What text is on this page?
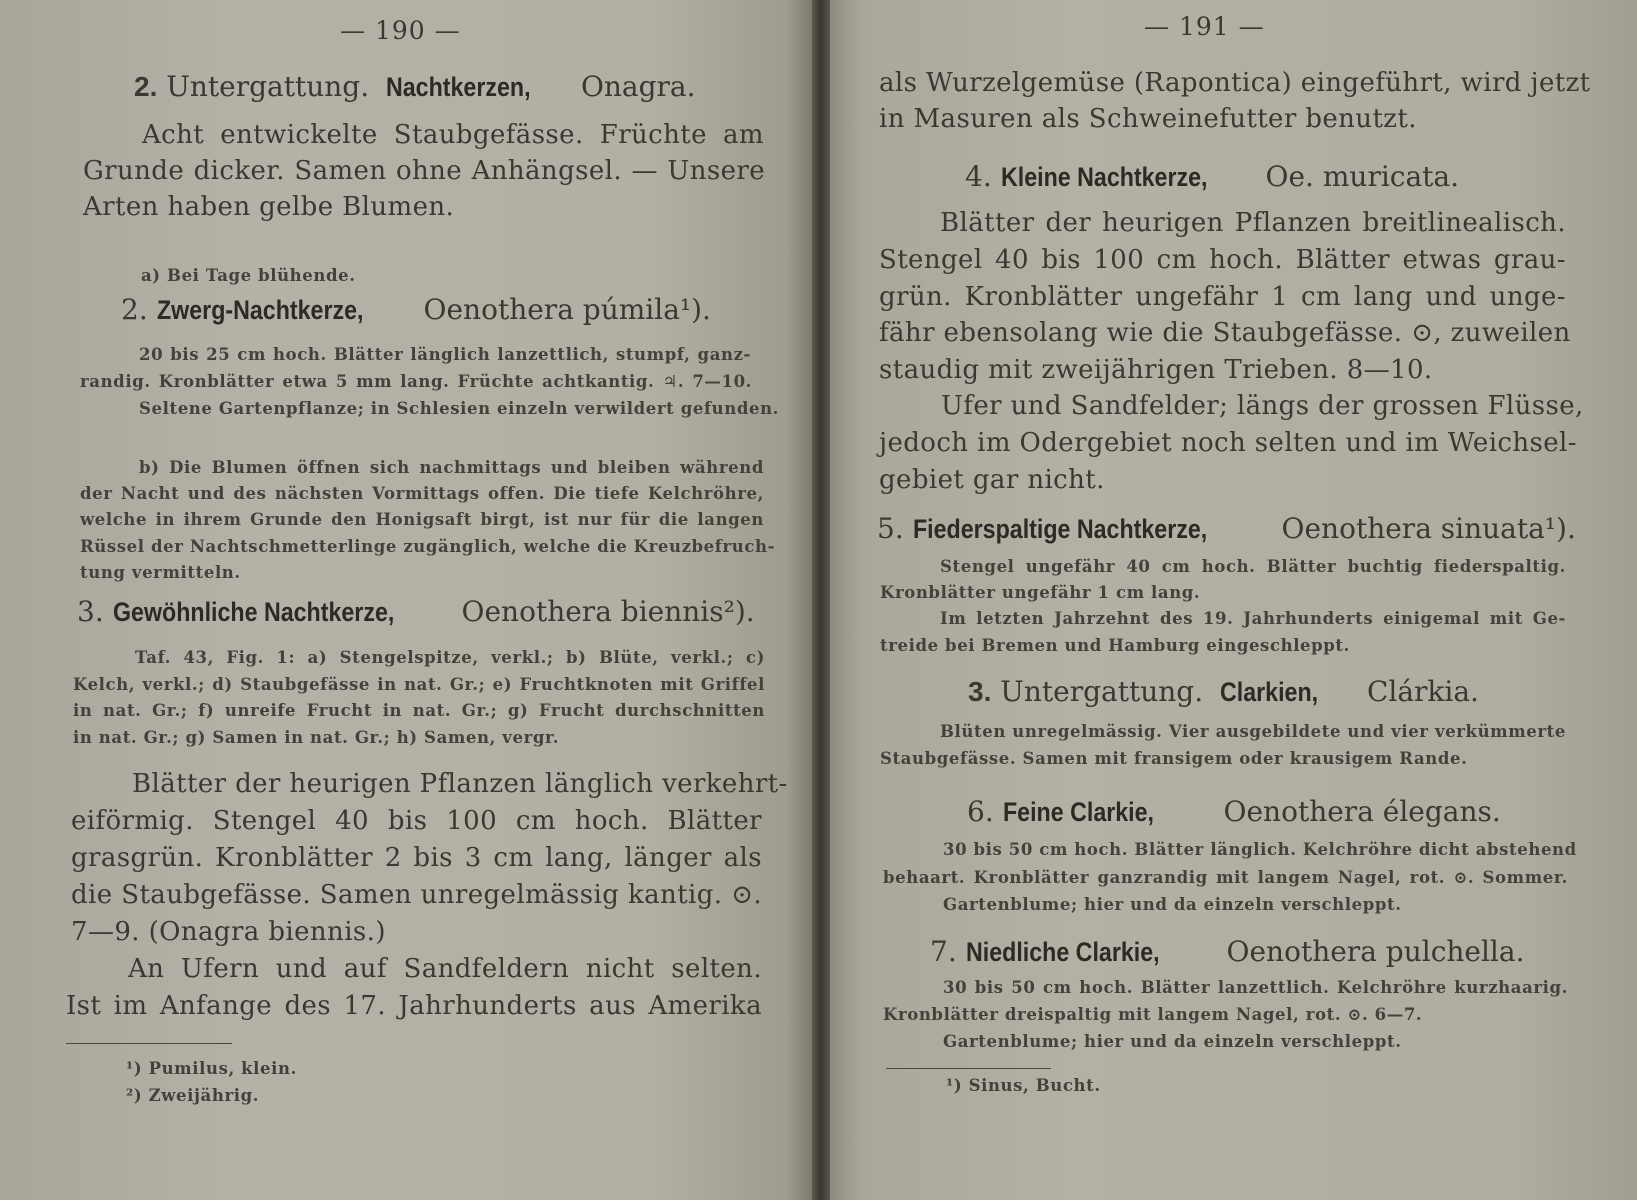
— 190 —
2. Untergattung. Nachtkerzen, Onagra.
Acht entwickelte Staubgefässe. Früchte am
Grunde dicker. Samen ohne Anhängsel. — Unsere
Arten haben gelbe Blumen.
a) Bei Tage blühende.
2. Zwerg-Nachtkerze, Oenothera púmila¹).
20 bis 25 cm hoch. Blätter länglich lanzettlich, stumpf, ganz-
randig. Kronblätter etwa 5 mm lang. Früchte achtkantig. ♃. 7—10.
Seltene Gartenpflanze; in Schlesien einzeln verwildert gefunden.
b) Die Blumen öffnen sich nachmittags und bleiben während
der Nacht und des nächsten Vormittags offen. Die tiefe Kelchröhre,
welche in ihrem Grunde den Honigsaft birgt, ist nur für die langen
Rüssel der Nachtschmetterlinge zugänglich, welche die Kreuzbefruch-
tung vermitteln.
3. Gewöhnliche Nachtkerze, Oenothera biennis²).
Taf. 43, Fig. 1: a) Stengelspitze, verkl.; b) Blüte, verkl.; c)
Kelch, verkl.; d) Staubgefässe in nat. Gr.; e) Fruchtknoten mit Griffel
in nat. Gr.; f) unreife Frucht in nat. Gr.; g) Frucht durchschnitten
in nat. Gr.; g) Samen in nat. Gr.; h) Samen, vergr.
Blätter der heurigen Pflanzen länglich verkehrt-
eiförmig. Stengel 40 bis 100 cm hoch. Blätter
grasgrün. Kronblätter 2 bis 3 cm lang, länger als
die Staubgefässe. Samen unregelmässig kantig. ⊙.
7—9. (Onagra biennis.)
An Ufern und auf Sandfeldern nicht selten.
Ist im Anfange des 17. Jahrhunderts aus Amerika
¹) Pumilus, klein.
²) Zweijährig.
— 191 —
als Wurzelgemüse (Rapontica) eingeführt, wird jetzt
in Masuren als Schweinefutter benutzt.
4. Kleine Nachtkerze, Oe. muricata.
Blätter der heurigen Pflanzen breitlinealisch.
Stengel 40 bis 100 cm hoch. Blätter etwas grau-
grün. Kronblätter ungefähr 1 cm lang und unge-
fähr ebensolang wie die Staubgefässe. ⊙, zuweilen
staudig mit zweijährigen Trieben. 8—10.
Ufer und Sandfelder; längs der grossen Flüsse,
jedoch im Odergebiet noch selten und im Weichsel-
gebiet gar nicht.
5. Fiederspaltige Nachtkerze,	Oenothera sinuata¹).
Stengel ungefähr 40 cm hoch. Blätter buchtig fiederspaltig.
Kronblätter ungefähr 1 cm lang.
Im letzten Jahrzehnt des 19. Jahrhunderts einigemal mit Ge-
treide bei Bremen und Hamburg eingeschleppt.
3. Untergattung. Clarkien, Clárkia.
Blüten unregelmässig. Vier ausgebildete und vier verkümmerte
Staubgefässe. Samen mit fransigem oder krausigem Rande.
6. Feine Clarkie, Oenothera élegans.
30 bis 50 cm hoch. Blätter länglich. Kelchröhre dicht abstehend
behaart. Kronblätter ganzrandig mit langem Nagel, rot. ⊙. Sommer.
Gartenblume; hier und da einzeln verschleppt.
7. Niedliche Clarkie, Oenothera pulchella.
30 bis 50 cm hoch. Blätter lanzettlich. Kelchröhre kurzhaarig.
Kronblätter dreispaltig mit langem Nagel, rot. ⊙. 6—7.
Gartenblume; hier und da einzeln verschleppt.
¹) Sinus, Bucht.
